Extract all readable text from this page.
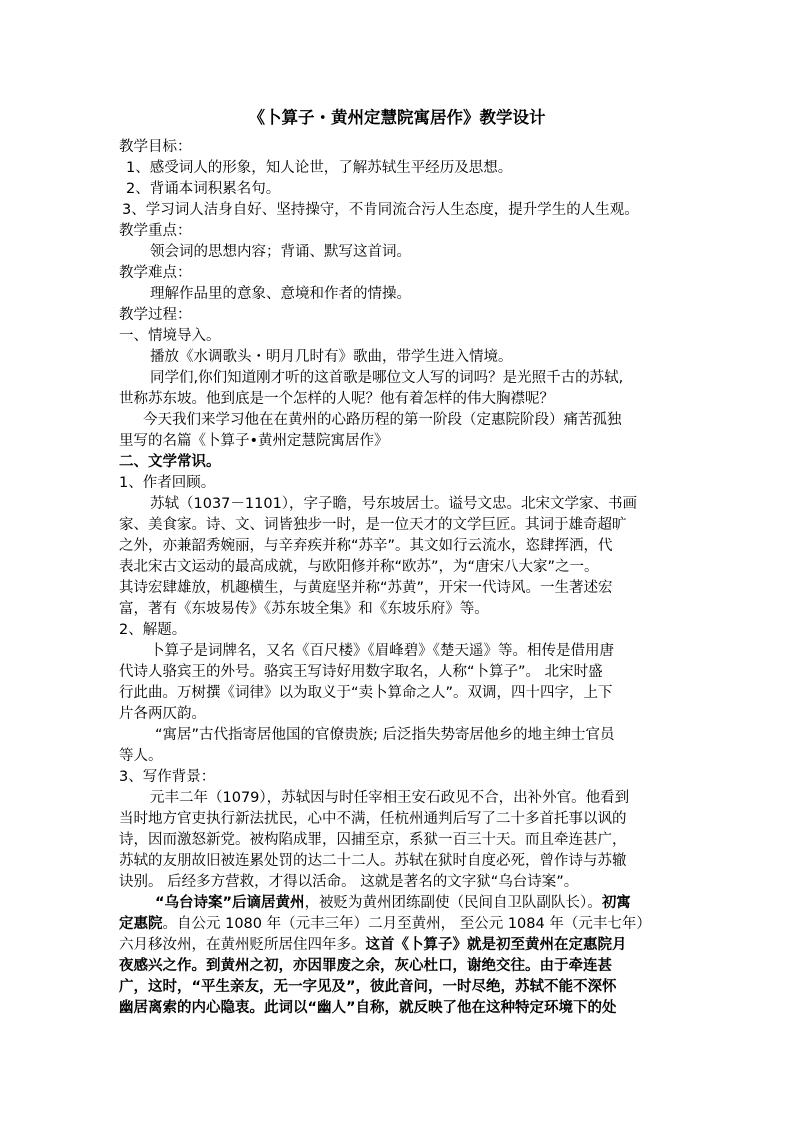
《卜算子・黄州定慧院寓居作》教学设计
教学目标：
1、感受词人的形象，知人论世，了解苏轼生平经历及思想。
2、背诵本词积累名句。
3、学习词人洁身自好、坚持操守，不肯同流合污人生态度，提升学生的人生观。
教学重点：
领会词的思想内容；背诵、默写这首词。
教学难点：
理解作品里的意象、意境和作者的情操。
教学过程：
一、情境导入。
播放《水调歌头・明月几时有》歌曲，带学生进入情境。
同学们,你们知道刚才听的这首歌是哪位文人写的词吗？是光照千古的苏轼,
世称苏东坡。他到底是一个怎样的人呢？他有着怎样的伟大胸襟呢？
今天我们来学习他在在黄州的心路历程的第一阶段（定惠院阶段）痛苦孤独
里写的名篇《卜算子•黄州定慧院寓居作》
二、文学常识。
1、作者回顾。
苏轼（1037－1101），字子瞻，号东坡居士。谥号文忠。北宋文学家、书画
家、美食家。诗、文、词皆独步一时，是一位天才的文学巨匠。其词于雄奇超旷
之外，亦兼韶秀婉丽，与辛弃疾并称“苏辛”。其文如行云流水，恣肆挥洒，代
表北宋古文运动的最高成就，与欧阳修并称“欧苏”，为“唐宋八大家”之一。
其诗宏肆雄放，机趣横生，与黄庭坚并称“苏黄”，开宋一代诗风。一生著述宏
富，著有《东坡易传》《苏东坡全集》和《东坡乐府》等。
2、解题。
卜算子是词牌名，又名《百尺楼》《眉峰碧》《楚天遥》等。相传是借用唐
代诗人骆宾王的外号。骆宾王写诗好用数字取名，人称“卜算子”。 北宋时盛
行此曲。万树撰《词律》以为取义于“卖卜算命之人”。双调，四十四字，上下
片各两仄韵。
“寓居”古代指寄居他国的官僚贵族; 后泛指失势寄居他乡的地主绅士官员
等人。
3、写作背景：
元丰二年（1079），苏轼因与时任宰相王安石政见不合，出补外官。他看到
当时地方官吏执行新法扰民，心中不满，任杭州通判后写了二十多首托事以讽的
诗，因而激怒新党。被构陷成罪，囚捕至京，系狱一百三十天。而且牵连甚广，
苏轼的友朋故旧被连累处罚的达二十二人。苏轼在狱时自度必死，曾作诗与苏辙
诀别。 后经多方营救，才得以活命。 这就是著名的文字狱“乌台诗案”。
“乌台诗案”后谪居黄州，被贬为黄州团练副使（民间自卫队副队长）。初寓
定惠院。自公元 1080 年（元丰三年）二月至黄州， 至公元 1084 年（元丰七年）
六月移汝州，在黄州贬所居住四年多。这首《卜算子》就是初至黄州在定惠院月
夜感兴之作。到黄州之初，亦因罪废之余，灰心杜口，谢绝交往。由于牵连甚
广，这时，“平生亲友，无一字见及”，彼此音问，一时尽绝，苏轼不能不深怀
幽居离索的内心隐衷。此词以“幽人”自称，就反映了他在这种特定环境下的处
